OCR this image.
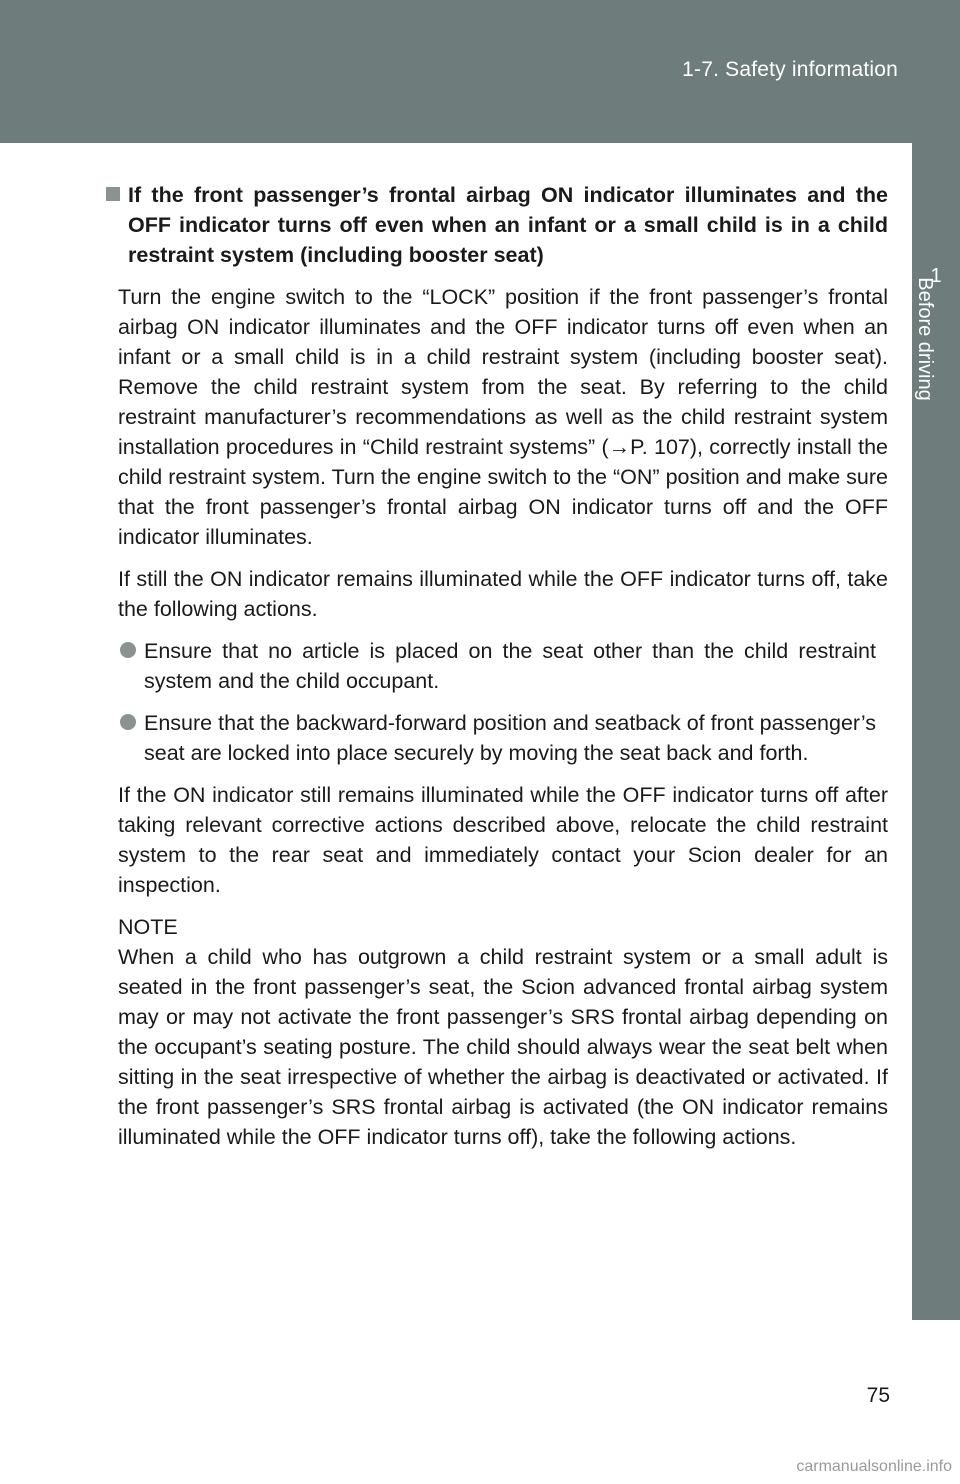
1-7. Safety information
1
Before driving
If the front passenger’s frontal airbag ON indicator illuminates and the OFF indicator turns off even when an infant or a small child is in a child restraint system (including booster seat)

Turn the engine switch to the “LOCK” position if the front passenger’s frontal airbag ON indicator illuminates and the OFF indicator turns off even when an infant or a small child is in a child restraint system (including booster seat). Remove the child restraint system from the seat. By referring to the child restraint manufacturer’s recommendations as well as the child restraint system installation procedures in “Child restraint systems” (→P. 107), correctly install the child restraint system. Turn the engine switch to the “ON” position and make sure that the front passenger’s frontal airbag ON indicator turns off and the OFF indicator illuminates.

If still the ON indicator remains illuminated while the OFF indicator turns off, take the following actions.

Ensure that no article is placed on the seat other than the child restraint system and the child occupant.
Ensure that the backward-forward position and seatback of front passenger’s seat are locked into place securely by moving the seat back and forth.

If the ON indicator still remains illuminated while the OFF indicator turns off after taking relevant corrective actions described above, relocate the child restraint system to the rear seat and immediately contact your Scion dealer for an inspection.

NOTE
When a child who has outgrown a child restraint system or a small adult is seated in the front passenger’s seat, the Scion advanced frontal airbag system may or may not activate the front passenger’s SRS frontal airbag depending on the occupant’s seating posture. The child should always wear the seat belt when sitting in the seat irrespective of whether the airbag is deactivated or activated. If the front passenger’s SRS frontal airbag is activated (the ON indicator remains illuminated while the OFF indicator turns off), take the following actions.
75
carmanualsonline.info
